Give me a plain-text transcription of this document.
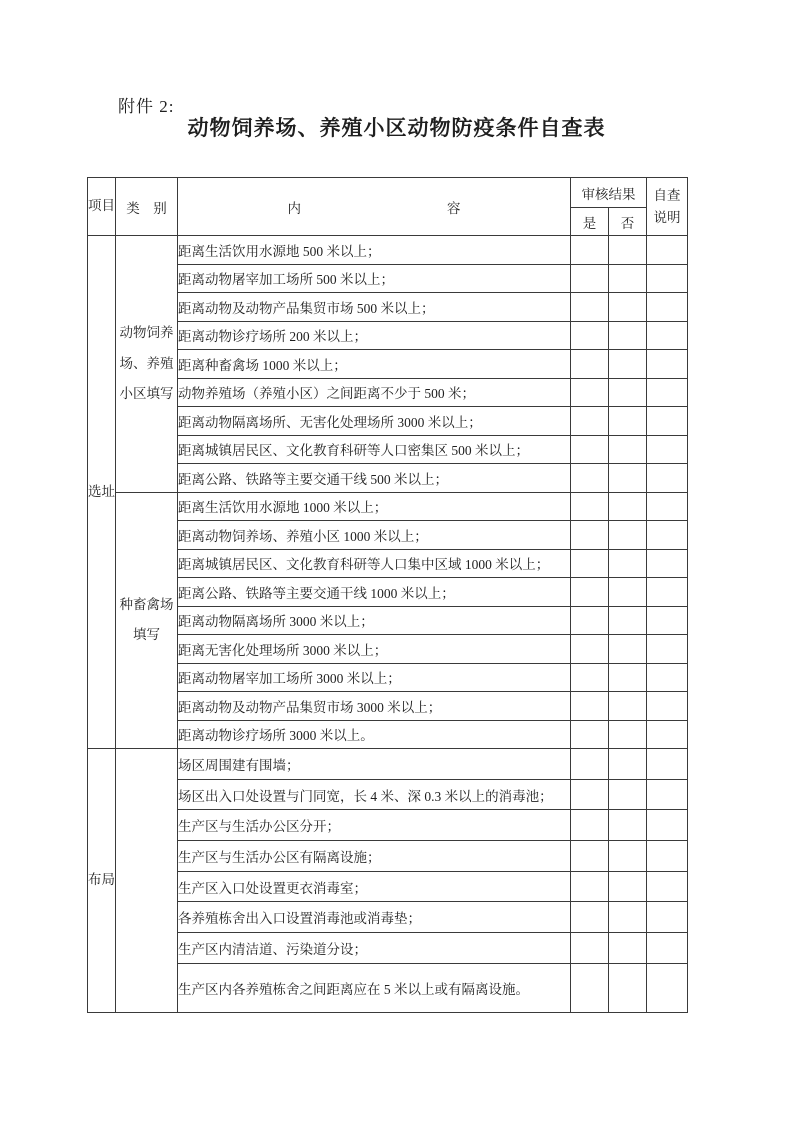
附件 2:
动物饲养场、养殖小区动物防疫条件自查表
项目	类　别	内 容	审核结果		自查说明
			是	否	
选址	动物饲养场、养殖小区填写	距离生活饮用水源地 500 米以上；			
		距离动物屠宰加工场所 500 米以上；			
		距离动物及动物产品集贸市场 500 米以上；			
		距离动物诊疗场所 200 米以上；			
		距离种畜禽场 1000 米以上；			
		动物养殖场（养殖小区）之间距离不少于 500 米；			
		距离动物隔离场所、无害化处理场所 3000 米以上；			
		距离城镇居民区、文化教育科研等人口密集区 500 米以上；			
		距离公路、铁路等主要交通干线 500 米以上；			
	种畜禽场填写	距离生活饮用水源地 1000 米以上；			
		距离动物饲养场、养殖小区 1000 米以上；			
		距离城镇居民区、文化教育科研等人口集中区域 1000 米以上；			
		距离公路、铁路等主要交通干线 1000 米以上；			
		距离动物隔离场所 3000 米以上；			
		距离无害化处理场所 3000 米以上；			
		距离动物屠宰加工场所 3000 米以上；			
		距离动物及动物产品集贸市场 3000 米以上；			
		距离动物诊疗场所 3000 米以上。			
布局		场区周围建有围墙；			
		场区出入口处设置与门同宽，长 4 米、深 0.3 米以上的消毒池；			
		生产区与生活办公区分开；			
		生产区与生活办公区有隔离设施；			
		生产区入口处设置更衣消毒室；			
		各养殖栋舍出入口设置消毒池或消毒垫；			
		生产区内清洁道、污染道分设；			
		生产区内各养殖栋舍之间距离应在 5 米以上或有隔离设施。			
